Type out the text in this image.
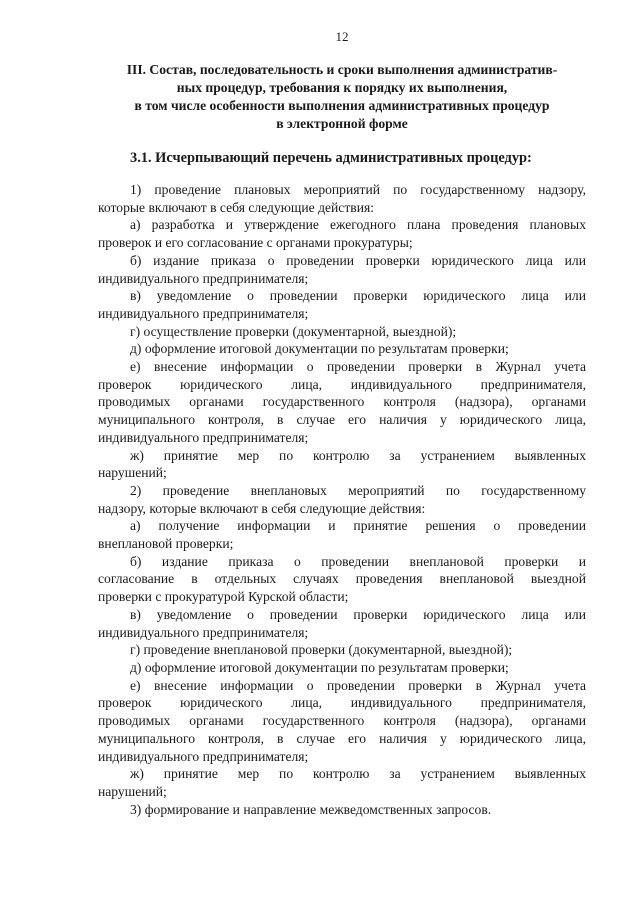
12
III. Состав, последовательность и сроки выполнения административ-
ных процедур, требования к порядку их выполнения,
в том числе особенности выполнения административных процедур
в электронной форме
3.1. Исчерпывающий перечень административных процедур:
1) проведение плановых мероприятий по государственному надзору,
которые включают в себя следующие действия:
а) разработка и утверждение ежегодного плана проведения плановых
проверок и его согласование с органами прокуратуры;
б) издание приказа о проведении проверки юридического лица или
индивидуального предпринимателя;
в) уведомление о проведении проверки юридического лица или
индивидуального предпринимателя;
г) осуществление проверки (документарной, выездной);
д) оформление итоговой документации по результатам проверки;
е) внесение информации о проведении проверки в Журнал учета
проверок юридического лица, индивидуального предпринимателя,
проводимых органами государственного контроля (надзора), органами
муниципального контроля, в случае его наличия у юридического лица,
индивидуального предпринимателя;
ж) принятие мер по контролю за устранением выявленных
нарушений;
2) проведение внеплановых мероприятий по государственному
надзору, которые включают в себя следующие действия:
а) получение информации и принятие решения о проведении
внеплановой проверки;
б) издание приказа о проведении внеплановой проверки и
согласование в отдельных случаях проведения внеплановой выездной
проверки с прокуратурой Курской области;
в) уведомление о проведении проверки юридического лица или
индивидуального предпринимателя;
г) проведение внеплановой проверки (документарной, выездной);
д) оформление итоговой документации по результатам проверки;
е) внесение информации о проведении проверки в Журнал учета
проверок юридического лица, индивидуального предпринимателя,
проводимых органами государственного контроля (надзора), органами
муниципального контроля, в случае его наличия у юридического лица,
индивидуального предпринимателя;
ж) принятие мер по контролю за устранением выявленных
нарушений;
3) формирование и направление межведомственных запросов.
